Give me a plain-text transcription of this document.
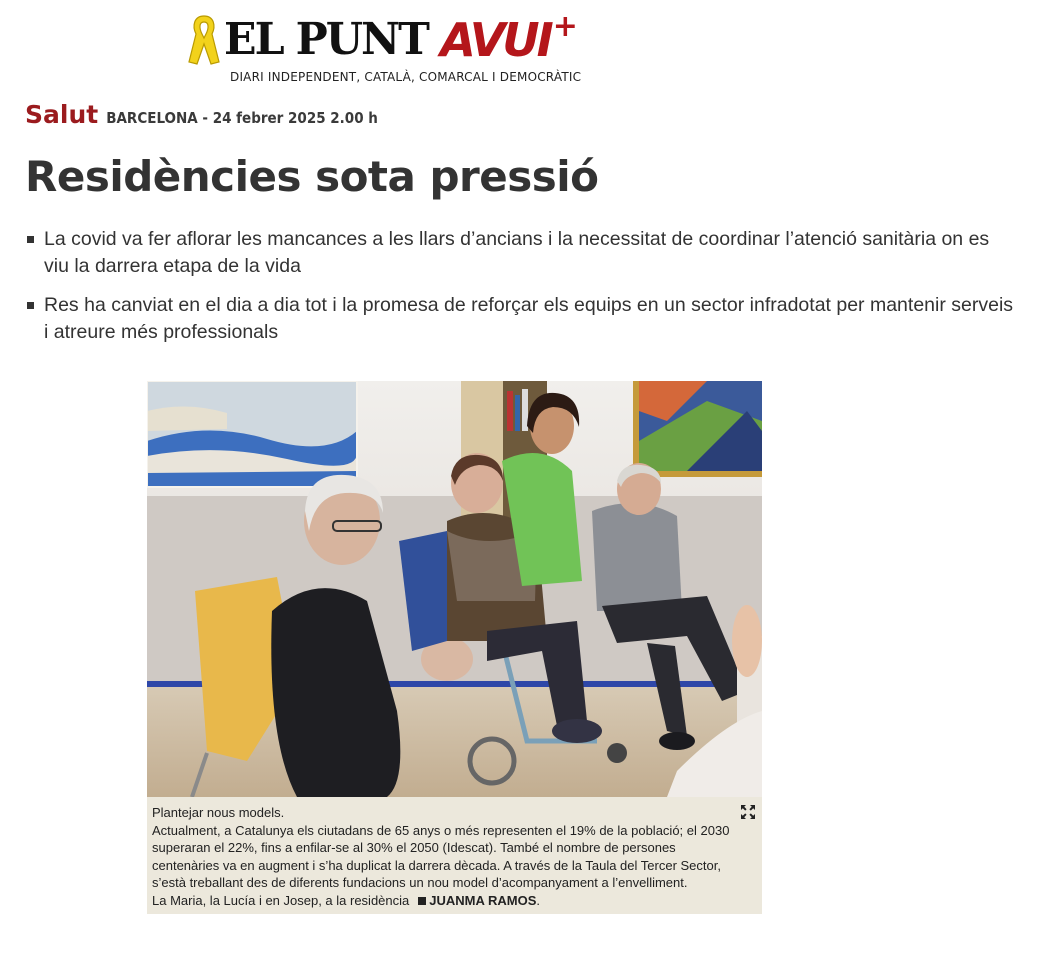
EL PUNT AVUI +
DIARI INDEPENDENT, CATALÀ, COMARCAL I DEMOCRÀTIC
Salut BARCELONA - 24 febrer 2025 2.00 h
Residències sota pressió
La covid va fer aflorar les mancances a les llars d’ancians i la necessitat de coordinar l’atenció sanitària on es viu la darrera etapa de la vida
Res ha canviat en el dia a dia tot i la promesa de reforçar els equips en un sector infradotat per mantenir serveis i atreure més professionals
Plantejar nous models.
Actualment, a Catalunya els ciutadans de 65 anys o més representen el 19% de la població; el 2030 superaran el 22%, fins a enfilar-se al 30% el 2050 (Idescat). També el nombre de persones centenàries va en augment i s’ha duplicat la darrera dècada. A través de la Taula del Tercer Sector, s’està treballant des de diferents fundacions un nou model d’acompanyament a l’envelliment.
La Maria, la Lucía i en Josep, a la residència JUANMA RAMOS.
